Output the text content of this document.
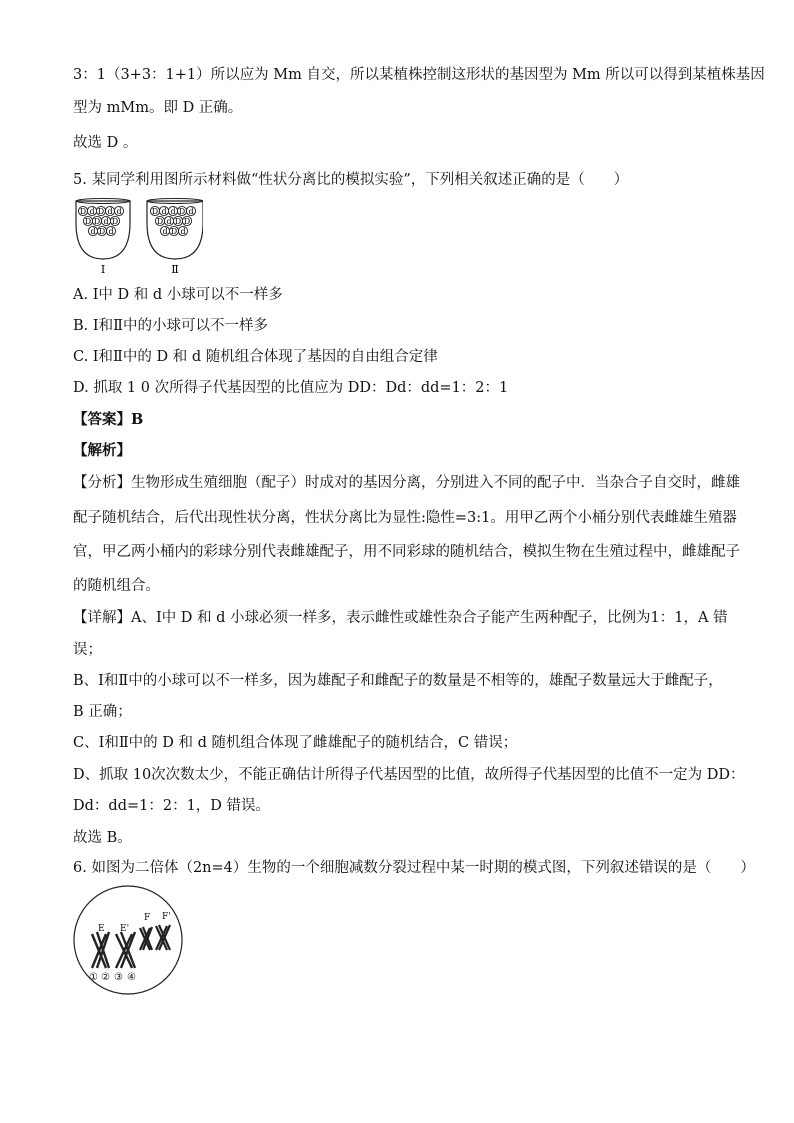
3：1（3+3：1+1）所以应为 Mm 自交，所以某植株控制这形状的基因型为 Mm 所以可以得到某植株基因
型为 mMm。即 D 正确。
故选 D 。
5. 某同学利用图所示材料做“性状分离比的模拟实验”，下列相关叙述正确的是（　　）
D d D d d
D D d D
d D d
Ⅰ
D d d D d
D d D D
d D d
Ⅱ
A. Ⅰ中 D 和 d 小球可以不一样多
B. Ⅰ和Ⅱ中的小球可以不一样多
C. Ⅰ和Ⅱ中的 D 和 d 随机组合体现了基因的自由组合定律
D. 抓取 1 0 次所得子代基因型的比值应为 DD：Dd：dd=1：2：1
【答案】B
【解析】
【分析】生物形成生殖细胞（配子）时成对的基因分离，分别进入不同的配子中．当杂合子自交时，雌雄
配子随机结合，后代出现性状分离，性状分离比为显性:隐性=3:1。用甲乙两个小桶分别代表雌雄生殖器
官，甲乙两小桶内的彩球分别代表雌雄配子，用不同彩球的随机结合，模拟生物在生殖过程中，雌雄配子
的随机组合。
【详解】A、Ⅰ中 D 和 d 小球必须一样多，表示雌性或雄性杂合子能产生两种配子，比例为1：1，A 错
误；
B、Ⅰ和Ⅱ中的小球可以不一样多，因为雄配子和雌配子的数量是不相等的，雄配子数量远大于雌配子，
B 正确；
C、Ⅰ和Ⅱ中的 D 和 d 随机组合体现了雌雄配子的随机结合，C 错误；
D、抓取 10次次数太少，不能正确估计所得子代基因型的比值，故所得子代基因型的比值不一定为 DD：
Dd：dd=1：2：1，D 错误。
故选 B。
6. 如图为二倍体（2n=4）生物的一个细胞减数分裂过程中某一时期的模式图，下列叙述错误的是（　　）
E E'
F F'
① ② ③ ④
